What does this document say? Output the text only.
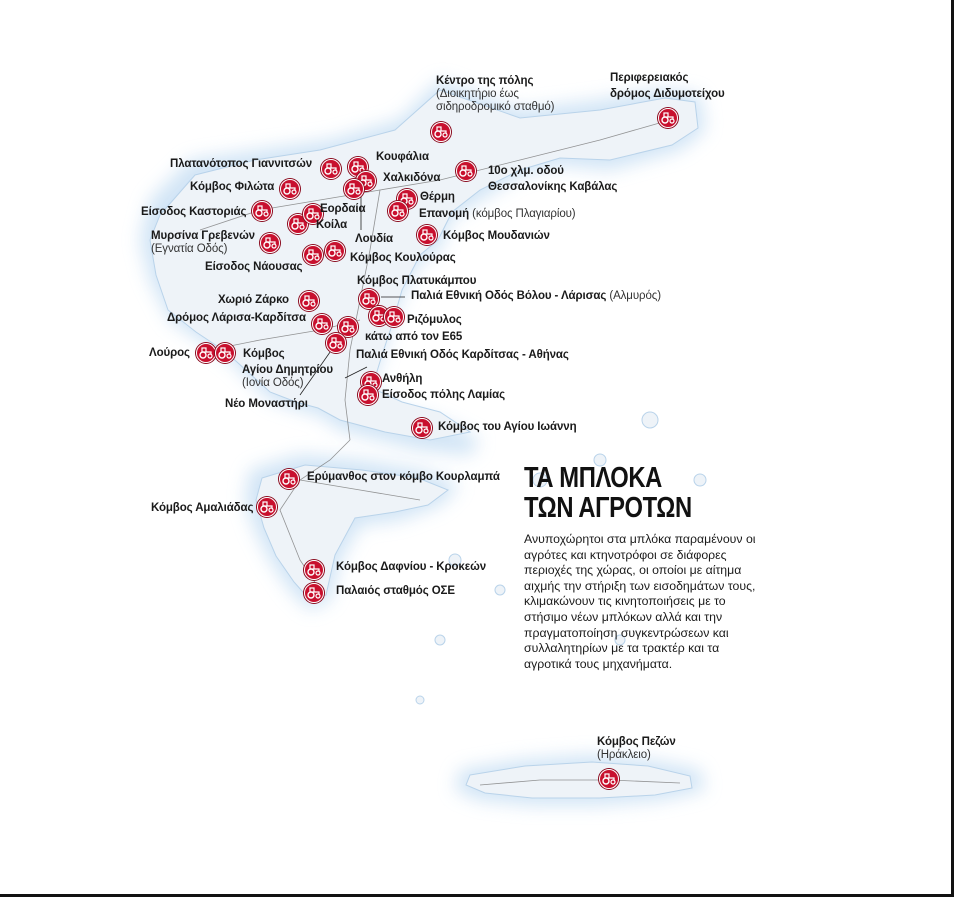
Κέντρο της πόλης
(Διοικητήριο έως σιδηροδρομικό σταθμό)
Περιφερειακός δρόμος Διδυμοτείχου
Πλατανότοπος Γιαννιτσών
Κουφάλια
10ο χλμ. οδού Θεσσαλονίκης Καβάλας
Χαλκιδόνα
Κόμβος Φιλώτα
Θέρμη
Είσοδος Καστοριάς	Εορδαία	Επανομή (κόμβος Πλαγιαρίου)
Κοίλα
Μυρσίνα Γρεβενών
(Εγνατία Οδός)
Λουδία	Κόμβος Μουδανιών
Είσοδος Νάουσας
Κόμβος Κουλούρας
Κόμβος Πλατυκάμπου
Χωριό Ζάρκο	Παλιά Εθνική Οδός Βόλου - Λάρισας (Αλμυρός)
Δρόμος Λάρισα-Καρδίτσα	Ριζόμυλος
κάτω από τον Ε65
Λούρος	Κόμβος	Παλιά Εθνική Οδός Καρδίτσας - Αθήνας
Αγίου Δημητρίου
(Ιονία Οδός)	Ανθήλη
Είσοδος πόλης Λαμίας
Νέο Μοναστήρι
Κόμβος του Αγίου Ιωάννη
Ερύμανθος στον κόμβο Κουρλαμπά
Κόμβος Αμαλιάδας
Κόμβος Δαφνίου - Κροκεών
Παλαιός σταθμός ΟΣΕ
Κόμβος Πεζών
(Ηράκλειο)
ΤΑ ΜΠΛΟΚΑ
ΤΩΝ ΑΓΡΟΤΩΝ
Ανυποχώρητοι στα μπλόκα παραμένουν οι αγρότες και κτηνοτρόφοι σε διάφορες περιοχές της χώρας, οι οποίοι με αίτημα αιχμής την στήριξη των εισοδημάτων τους, κλιμακώνουν τις κινητοποιήσεις με το στήσιμο νέων μπλόκων αλλά και την πραγματοποίηση συγκεντρώσεων και συλλαλητηρίων με τα τρακτέρ και τα αγροτικά τους μηχανήματα.
